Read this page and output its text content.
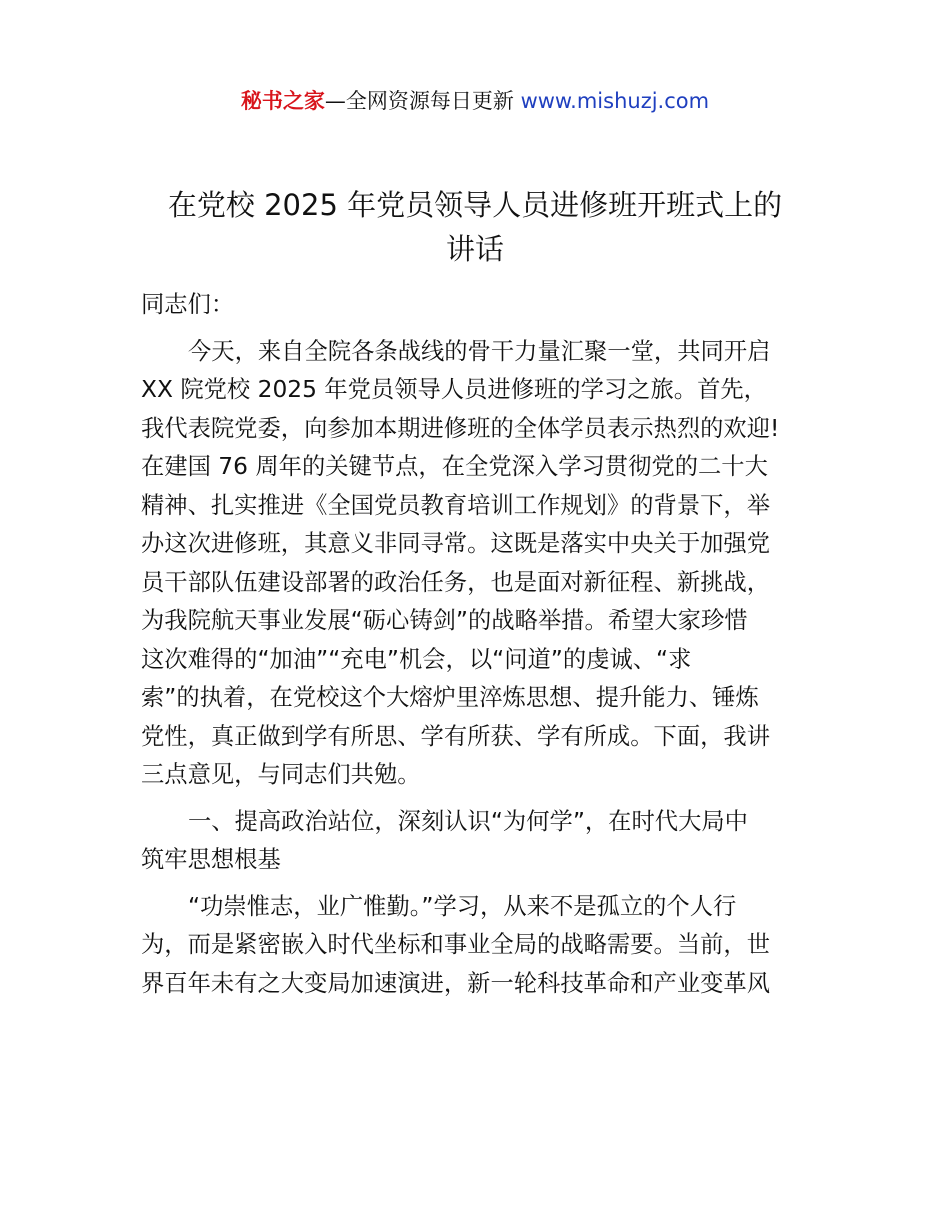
秘书之家—全网资源每日更新 www.mishuzj.com
在党校 2025 年党员领导人员进修班开班式上的
讲话

同志们：

今天，来自全院各条战线的骨干力量汇聚一堂，共同开启
XX 院党校 2025 年党员领导人员进修班的学习之旅。首先，
我代表院党委，向参加本期进修班的全体学员表示热烈的欢迎!
在建国 76 周年的关键节点，在全党深入学习贯彻党的二十大
精神、扎实推进《全国党员教育培训工作规划》的背景下，举
办这次进修班，其意义非同寻常。这既是落实中央关于加强党
员干部队伍建设部署的政治任务，也是面对新征程、新挑战，
为我院航天事业发展“砺心铸剑”的战略举措。希望大家珍惜
这次难得的“加油”“充电”机会，以“问道”的虔诚、“求
索”的执着，在党校这个大熔炉里淬炼思想、提升能力、锤炼
党性，真正做到学有所思、学有所获、学有所成。下面，我讲
三点意见，与同志们共勉。

一、提高政治站位，深刻认识“为何学”，在时代大局中
筑牢思想根基

“功崇惟志，业广惟勤。”学习，从来不是孤立的个人行
为，而是紧密嵌入时代坐标和事业全局的战略需要。当前，世
界百年未有之大变局加速演进，新一轮科技革命和产业变革风
